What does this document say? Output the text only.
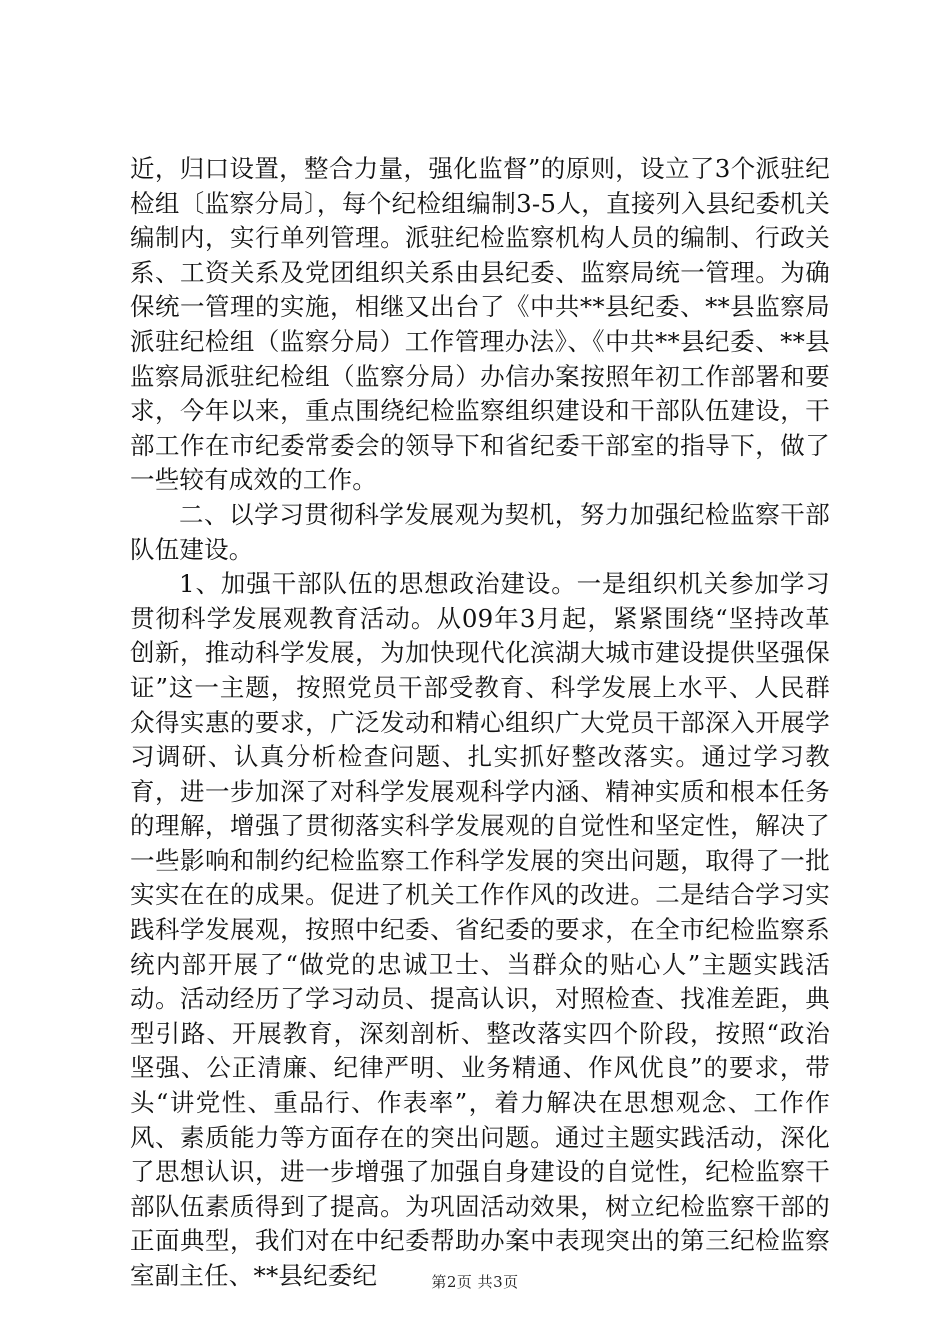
近，归口设置，整合力量，强化监督”的原则，设立了3个派驻纪检组〔监察分局〕，每个纪检组编制3-5人，直接列入县纪委机关编制内，实行单列管理。派驻纪检监察机构人员的编制、行政关系、工资关系及党团组织关系由县纪委、监察局统一管理。为确保统一管理的实施，相继又出台了《中共**县纪委、**县监察局派驻纪检组（监察分局）工作管理办法》、《中共**县纪委、**县监察局派驻纪检组（监察分局）办信办案按照年初工作部署和要求，今年以来，重点围绕纪检监察组织建设和干部队伍建设，干部工作在市纪委常委会的领导下和省纪委干部室的指导下，做了一些较有成效的工作。

二、以学习贯彻科学发展观为契机，努力加强纪检监察干部队伍建设。

1、加强干部队伍的思想政治建设。一是组织机关参加学习贯彻科学发展观教育活动。从09年3月起，紧紧围绕“坚持改革创新，推动科学发展，为加快现代化滨湖大城市建设提供坚强保证”这一主题，按照党员干部受教育、科学发展上水平、人民群众得实惠的要求，广泛发动和精心组织广大党员干部深入开展学习调研、认真分析检查问题、扎实抓好整改落实。通过学习教育，进一步加深了对科学发展观科学内涵、精神实质和根本任务的理解，增强了贯彻落实科学发展观的自觉性和坚定性，解决了一些影响和制约纪检监察工作科学发展的突出问题，取得了一批实实在在的成果。促进了机关工作作风的改进。二是结合学习实践科学发展观，按照中纪委、省纪委的要求，在全市纪检监察系统内部开展了“做党的忠诚卫士、当群众的贴心人”主题实践活动。活动经历了学习动员、提高认识，对照检查、找准差距，典型引路、开展教育，深刻剖析、整改落实四个阶段，按照“政治坚强、公正清廉、纪律严明、业务精通、作风优良”的要求，带头“讲党性、重品行、作表率”，着力解决在思想观念、工作作风、素质能力等方面存在的突出问题。通过主题实践活动，深化了思想认识，进一步增强了加强自身建设的自觉性，纪检监察干部队伍素质得到了提高。为巩固活动效果，树立纪检监察干部的正面典型，我们对在中纪委帮助办案中表现突出的第三纪检监察室副主任、**县纪委纪	第2页 共3页
